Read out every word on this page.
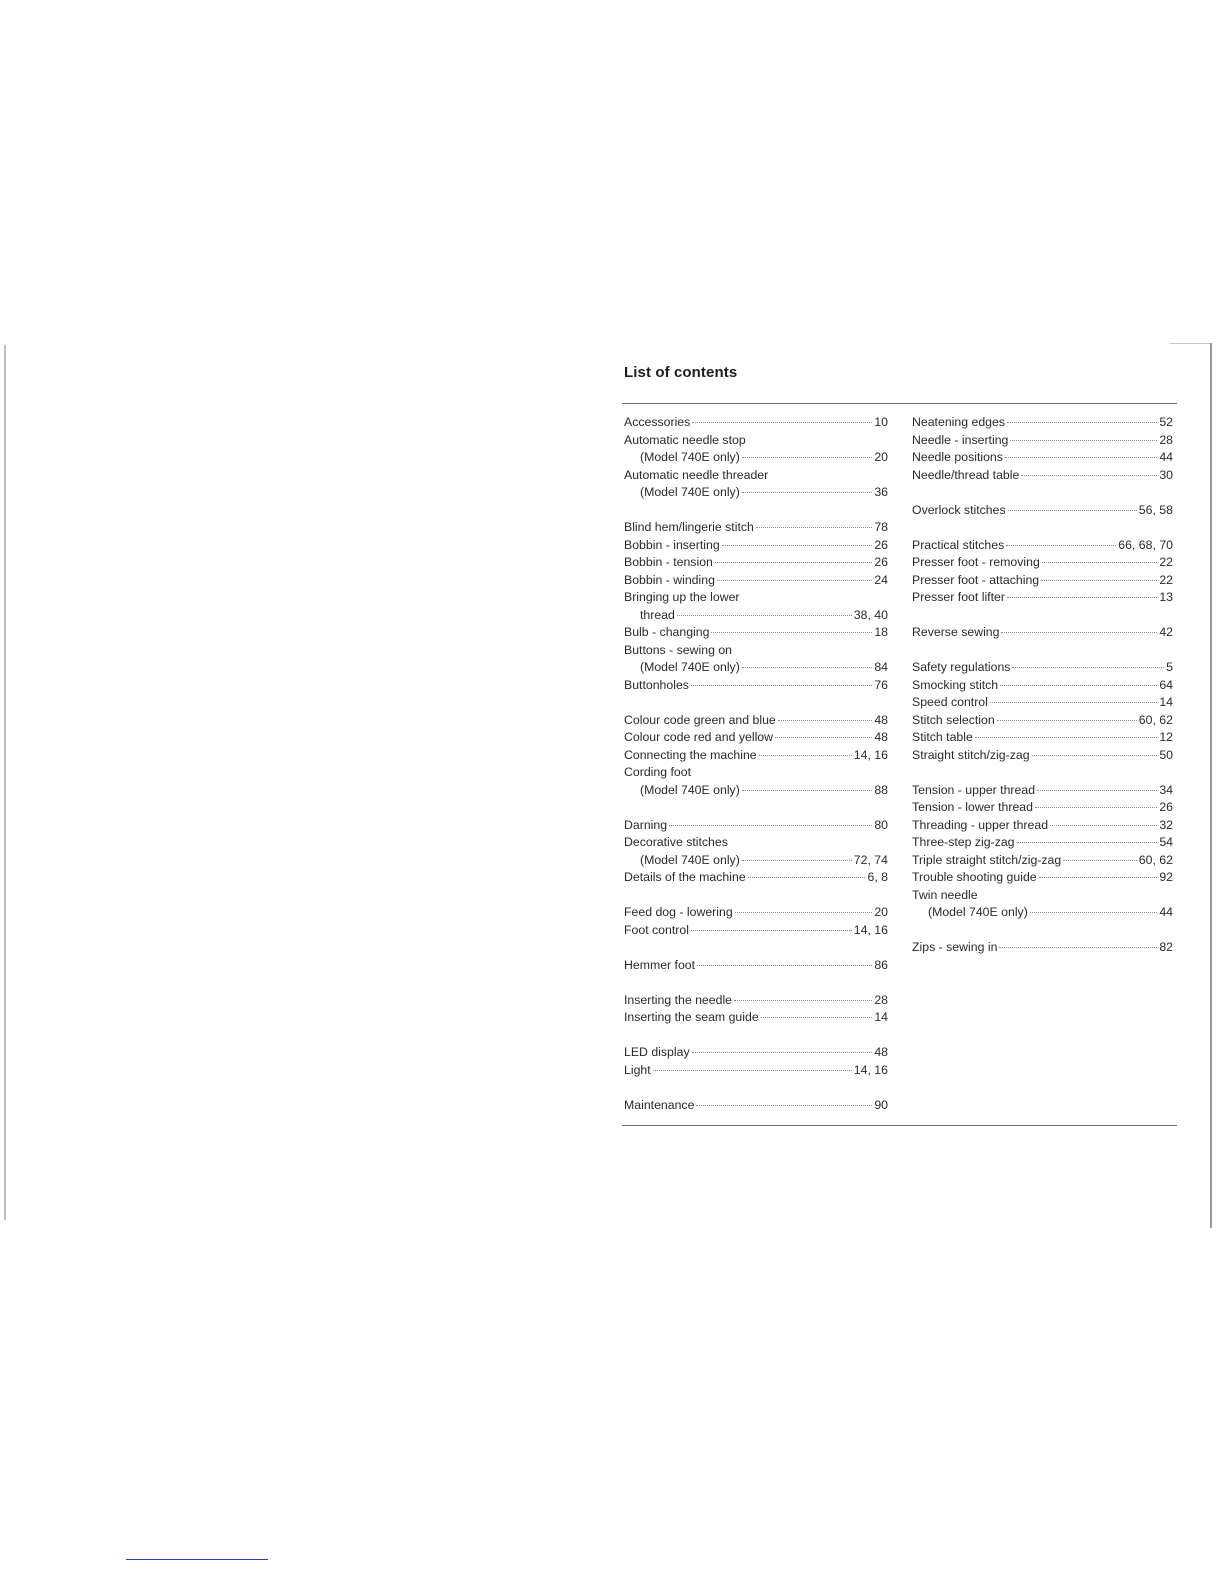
List of contents
Accessories	10
Automatic needle stop
(Model 740E only)	20
Automatic needle threader
(Model 740E only)	36
Blind hem/lingerie stitch	78
Bobbin - inserting	26
Bobbin - tension	26
Bobbin - winding	24
Bringing up the lower
thread	38, 40
Bulb - changing	18
Buttons - sewing on
(Model 740E only)	84
Buttonholes	76
Colour code green and blue	48
Colour code red and yellow	48
Connecting the machine	14, 16
Cording foot
(Model 740E only)	88
Darning	80
Decorative stitches
(Model 740E only)	72, 74
Details of the machine	6, 8
Feed dog - lowering	20
Foot control	14, 16
Hemmer foot	86
Inserting the needle	28
Inserting the seam guide	14
LED display	48
Light	14, 16
Maintenance	90
Neatening edges	52
Needle - inserting	28
Needle positions	44
Needle/thread table	30
Overlock stitches	56, 58
Practical stitches	66, 68, 70
Presser foot - removing	22
Presser foot - attaching	22
Presser foot lifter	13
Reverse sewing	42
Safety regulations	5
Smocking stitch	64
Speed control	14
Stitch selection	60, 62
Stitch table	12
Straight stitch/zig-zag	50
Tension - upper thread	34
Tension - lower thread	26
Threading - upper thread	32
Three-step zig-zag	54
Triple straight stitch/zig-zag	60, 62
Trouble shooting guide	92
Twin needle
(Model 740E only)	44
Zips - sewing in	82
